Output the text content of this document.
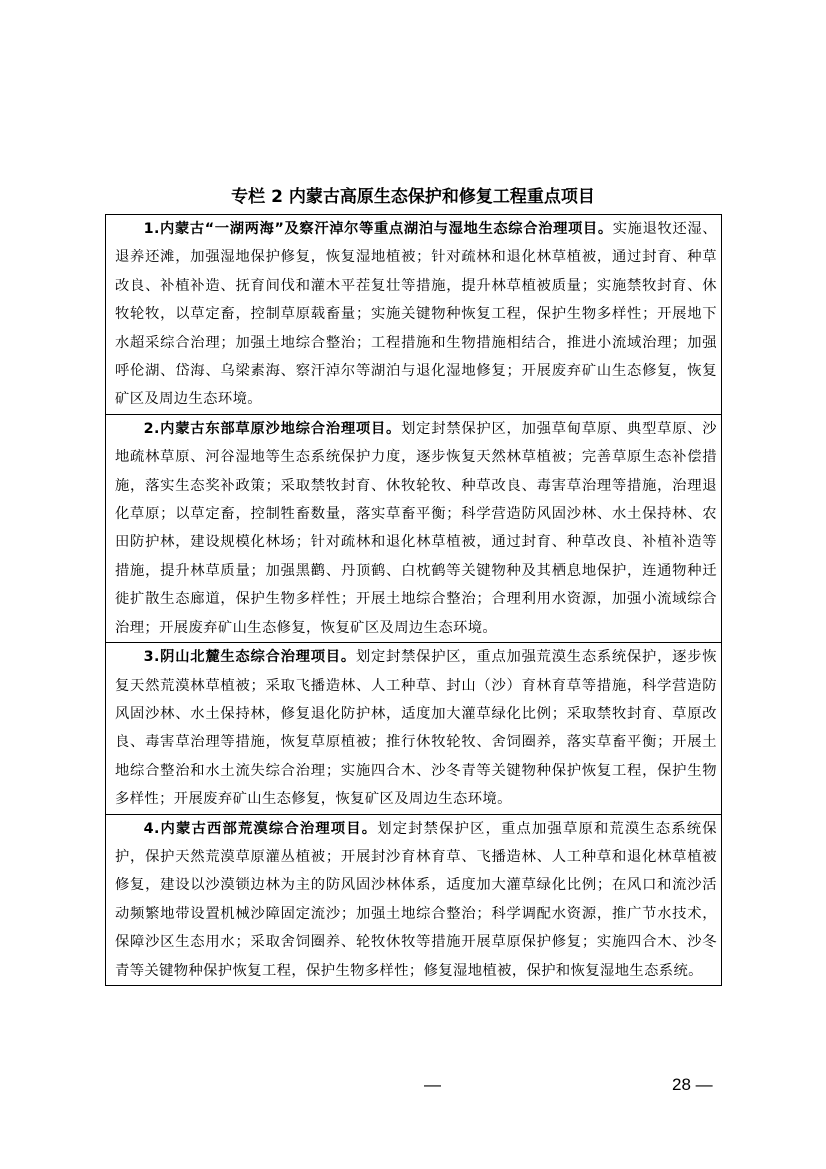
专栏 2 内蒙古高原生态保护和修复工程重点项目
1.内蒙古“一湖两海”及察汗淖尔等重点湖泊与湿地生态综合治理项目。实施退牧还湿、退养还滩，加强湿地保护修复，恢复湿地植被；针对疏林和退化林草植被，通过封育、种草改良、补植补造、抚育间伐和灌木平茬复壮等措施，提升林草植被质量；实施禁牧封育、休牧轮牧，以草定畜，控制草原载畜量；实施关键物种恢复工程，保护生物多样性；开展地下水超采综合治理；加强土地综合整治；工程措施和生物措施相结合，推进小流域治理；加强呼伦湖、岱海、乌梁素海、察汗淖尔等湖泊与退化湿地修复；开展废弃矿山生态修复，恢复矿区及周边生态环境。
2.内蒙古东部草原沙地综合治理项目。划定封禁保护区，加强草甸草原、典型草原、沙地疏林草原、河谷湿地等生态系统保护力度，逐步恢复天然林草植被；完善草原生态补偿措施，落实生态奖补政策；采取禁牧封育、休牧轮牧、种草改良、毒害草治理等措施，治理退化草原；以草定畜，控制牲畜数量，落实草畜平衡；科学营造防风固沙林、水土保持林、农田防护林，建设规模化林场；针对疏林和退化林草植被，通过封育、种草改良、补植补造等措施，提升林草质量；加强黑鹳、丹顶鹤、白枕鹤等关键物种及其栖息地保护，连通物种迁徙扩散生态廊道，保护生物多样性；开展土地综合整治；合理利用水资源，加强小流域综合治理；开展废弃矿山生态修复，恢复矿区及周边生态环境。
3.阴山北麓生态综合治理项目。划定封禁保护区，重点加强荒漠生态系统保护，逐步恢复天然荒漠林草植被；采取飞播造林、人工种草、封山（沙）育林育草等措施，科学营造防风固沙林、水土保持林，修复退化防护林，适度加大灌草绿化比例；采取禁牧封育、草原改良、毒害草治理等措施，恢复草原植被；推行休牧轮牧、舍饲圈养，落实草畜平衡；开展土地综合整治和水土流失综合治理；实施四合木、沙冬青等关键物种保护恢复工程，保护生物多样性；开展废弃矿山生态修复，恢复矿区及周边生态环境。
4.内蒙古西部荒漠综合治理项目。划定封禁保护区，重点加强草原和荒漠生态系统保护，保护天然荒漠草原灌丛植被；开展封沙育林育草、飞播造林、人工种草和退化林草植被修复，建设以沙漠锁边林为主的防风固沙林体系，适度加大灌草绿化比例；在风口和流沙活动频繁地带设置机械沙障固定流沙；加强土地综合整治；科学调配水资源，推广节水技术，保障沙区生态用水；采取舍饲圈养、轮牧休牧等措施开展草原保护修复；实施四合木、沙冬青等关键物种保护恢复工程，保护生物多样性；修复湿地植被，保护和恢复湿地生态系统。
—	28 —
